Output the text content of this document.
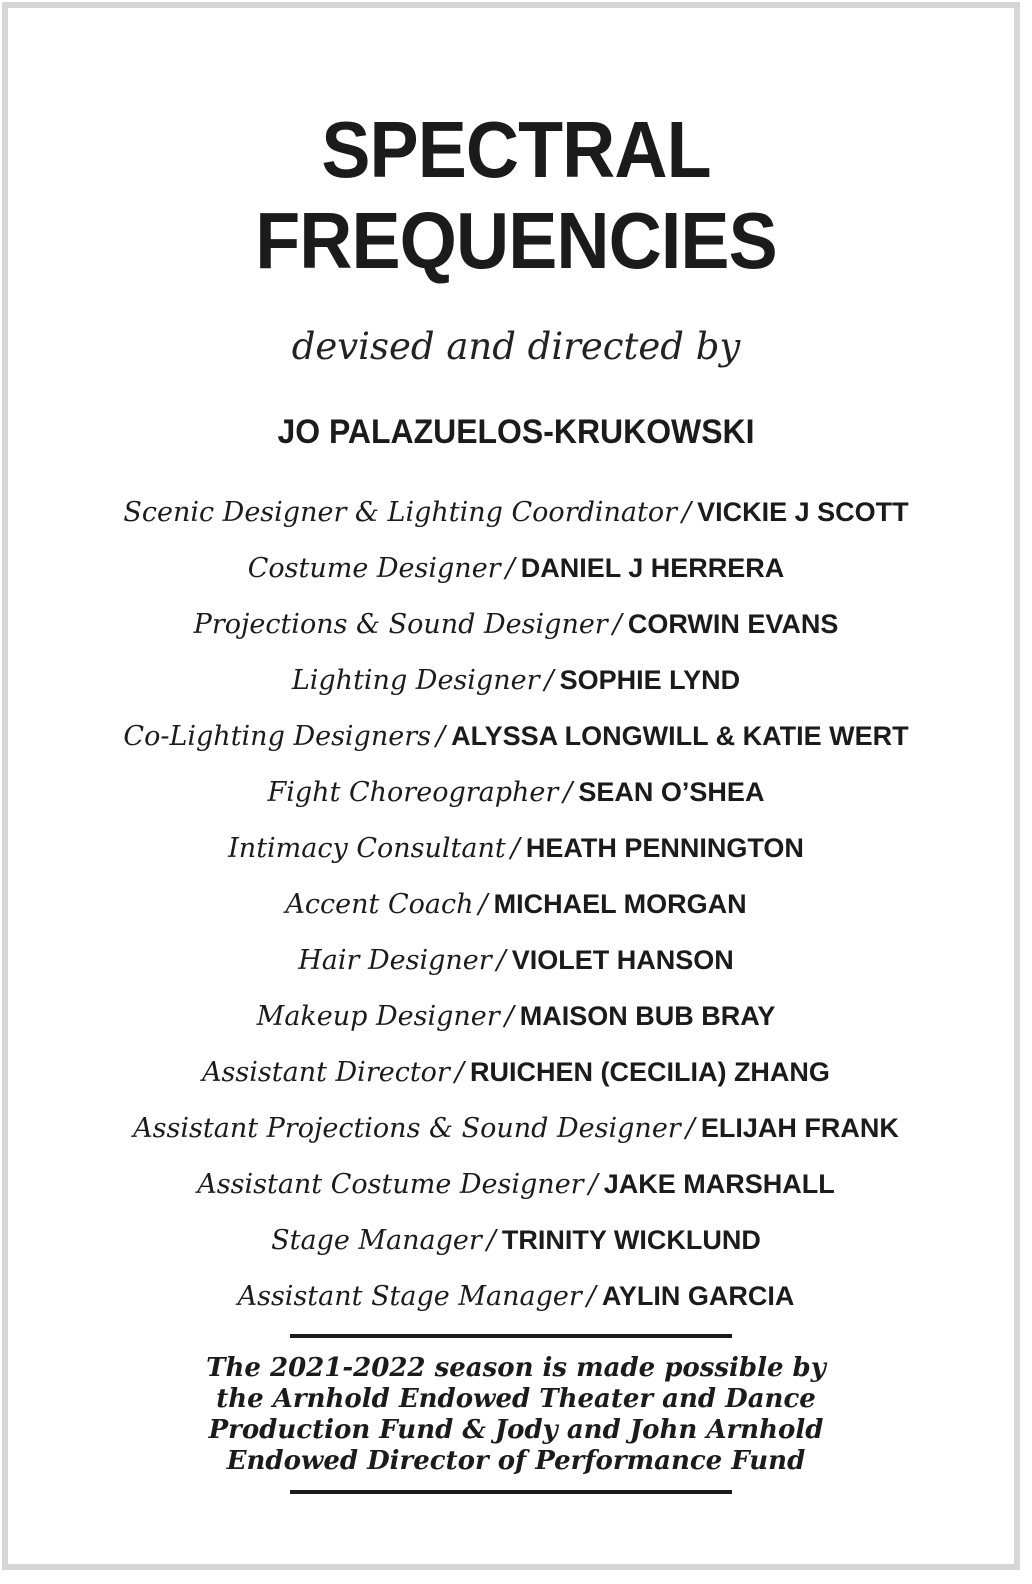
SPECTRAL
FREQUENCIES
devised and directed by
JO PALAZUELOS-KRUKOWSKI
Scenic Designer & Lighting Coordinator / VICKIE J SCOTT
Costume Designer / DANIEL J HERRERA
Projections & Sound Designer / CORWIN EVANS
Lighting Designer / SOPHIE LYND
Co-Lighting Designers / ALYSSA LONGWILL & KATIE WERT
Fight Choreographer / SEAN O’SHEA
Intimacy Consultant / HEATH PENNINGTON
Accent Coach / MICHAEL MORGAN
Hair Designer / VIOLET HANSON
Makeup Designer / MAISON BUB BRAY
Assistant Director / RUICHEN (CECILIA) ZHANG
Assistant Projections & Sound Designer / ELIJAH FRANK
Assistant Costume Designer / JAKE MARSHALL
Stage Manager / TRINITY WICKLUND
Assistant Stage Manager / AYLIN GARCIA

The 2021-2022 season is made possible by
the Arnhold Endowed Theater and Dance
Production Fund & Jody and John Arnhold
Endowed Director of Performance Fund
